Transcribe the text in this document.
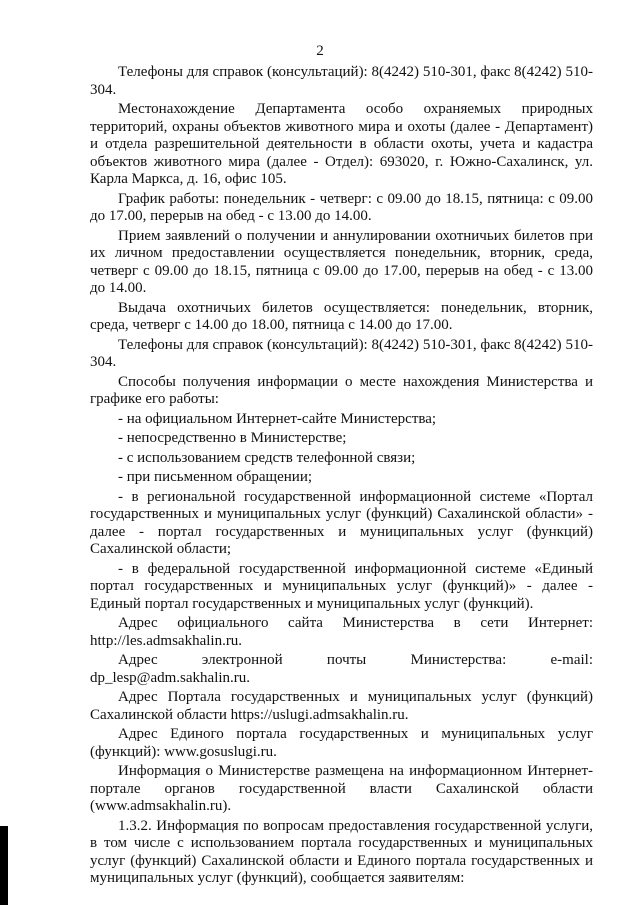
2

Телефоны для справок (консультаций): 8(4242) 510-301, факс 8(4242) 510-304.

Местонахождение Департамента особо охраняемых природных территорий, охраны объектов животного мира и охоты (далее - Департамент) и отдела разрешительной деятельности в области охоты, учета и кадастра объектов животного мира (далее - Отдел): 693020, г. Южно-Сахалинск, ул. Карла Маркса, д. 16, офис 105.

График работы: понедельник - четверг: с 09.00 до 18.15, пятница: с 09.00 до 17.00, перерыв на обед - с 13.00 до 14.00.

Прием заявлений о получении и аннулировании охотничьих билетов при их личном предоставлении осуществляется понедельник, вторник, среда, четверг с 09.00 до 18.15, пятница с 09.00 до 17.00, перерыв на обед - с 13.00 до 14.00.

Выдача охотничьих билетов осуществляется: понедельник, вторник, среда, четверг с 14.00 до 18.00, пятница с 14.00 до 17.00.

Телефоны для справок (консультаций): 8(4242) 510-301, факс 8(4242) 510-304.

Способы получения информации о месте нахождения Министерства и графике его работы:

- на официальном Интернет-сайте Министерства;

- непосредственно в Министерстве;

- с использованием средств телефонной связи;

- при письменном обращении;

- в региональной государственной информационной системе «Портал государственных и муниципальных услуг (функций) Сахалинской области» - далее - портал государственных и муниципальных услуг (функций) Сахалинской области;

- в федеральной государственной информационной системе «Единый портал государственных и муниципальных услуг (функций)» - далее - Единый портал государственных и муниципальных услуг (функций).

Адрес официального сайта Министерства в сети Интернет: http://les.admsakhalin.ru.

Адрес электронной почты Министерства: e-mail: dp_lesp@adm.sakhalin.ru.

Адрес Портала государственных и муниципальных услуг (функций) Сахалинской области https://uslugi.admsakhalin.ru.

Адрес Единого портала государственных и муниципальных услуг (функций): www.gosuslugi.ru.

Информация о Министерстве размещена на информационном Интернет-портале органов государственной власти Сахалинской области (www.admsakhalin.ru).

1.3.2. Информация по вопросам предоставления государственной услуги, в том числе с использованием портала государственных и муниципальных услуг (функций) Сахалинской области и Единого портала государственных и муниципальных услуг (функций), сообщается заявителям:
